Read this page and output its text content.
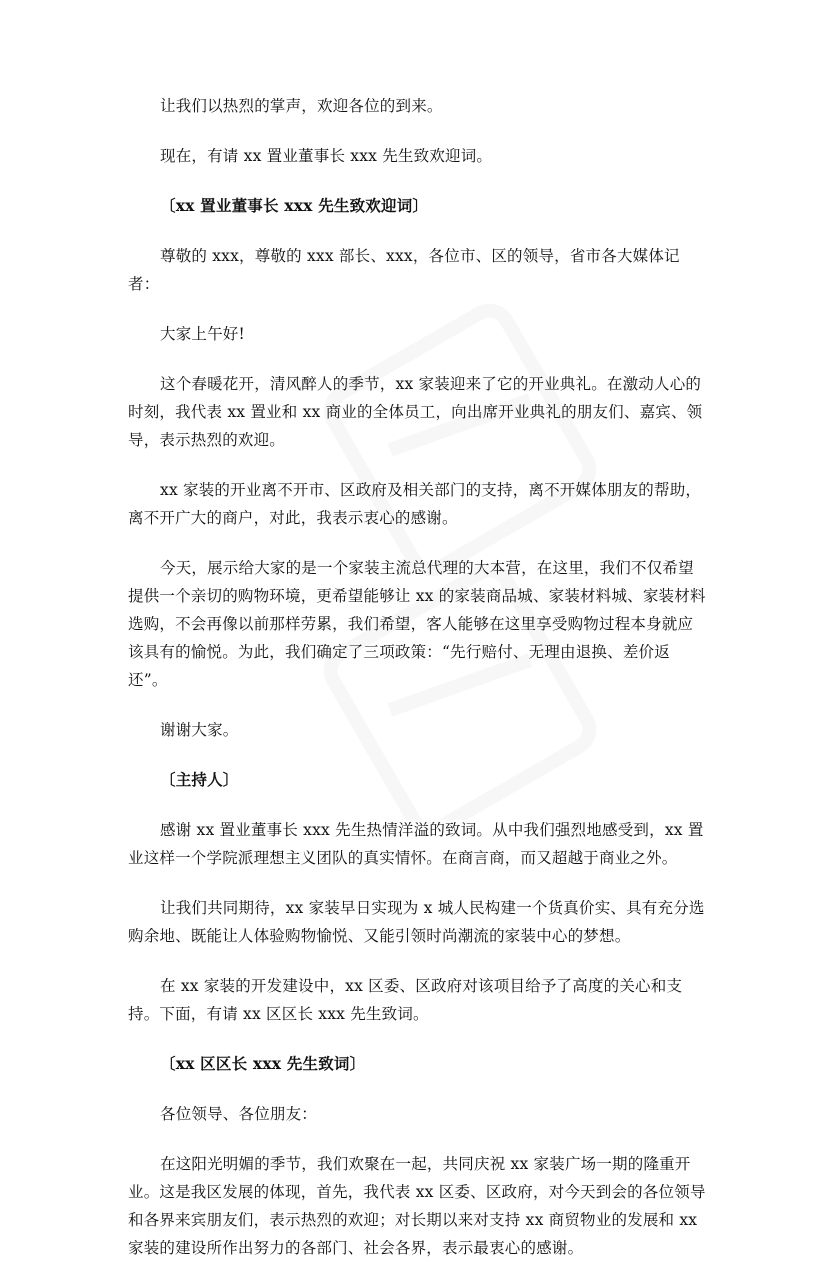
让我们以热烈的掌声，欢迎各位的到来。

现在，有请 xx 置业董事长 xxx 先生致欢迎词。

〔xx 置业董事长 xxx 先生致欢迎词〕

尊敬的 xxx，尊敬的 xxx 部长、xxx，各位市、区的领导，省市各大媒体记者：

大家上午好!

这个春暖花开，清风醉人的季节，xx 家装迎来了它的开业典礼。在激动人心的时刻，我代表 xx 置业和 xx 商业的全体员工，向出席开业典礼的朋友们、嘉宾、领导，表示热烈的欢迎。

xx 家装的开业离不开市、区政府及相关部门的支持，离不开媒体朋友的帮助，离不开广大的商户，对此，我表示衷心的感谢。

今天，展示给大家的是一个家装主流总代理的大本营，在这里，我们不仅希望提供一个亲切的购物环境，更希望能够让 xx 的家装商品城、家装材料城、家装材料选购，不会再像以前那样劳累，我们希望，客人能够在这里享受购物过程本身就应该具有的愉悦。为此，我们确定了三项政策：“先行赔付、无理由退换、差价返还”。

谢谢大家。

〔主持人〕

感谢 xx 置业董事长 xxx 先生热情洋溢的致词。从中我们强烈地感受到，xx 置业这样一个学院派理想主义团队的真实情怀。在商言商，而又超越于商业之外。

让我们共同期待，xx 家装早日实现为 x 城人民构建一个货真价实、具有充分选购余地、既能让人体验购物愉悦、又能引领时尚潮流的家装中心的梦想。

在 xx 家装的开发建设中，xx 区委、区政府对该项目给予了高度的关心和支持。下面，有请 xx 区区长 xxx 先生致词。

〔xx 区区长 xxx 先生致词〕

各位领导、各位朋友：

在这阳光明媚的季节，我们欢聚在一起，共同庆祝 xx 家装广场一期的隆重开业。这是我区发展的体现，首先，我代表 xx 区委、区政府，对今天到会的各位领导和各界来宾朋友们，表示热烈的欢迎；对长期以来对支持 xx 商贸物业的发展和 xx 家装的建设所作出努力的各部门、社会各界，表示最衷心的感谢。
